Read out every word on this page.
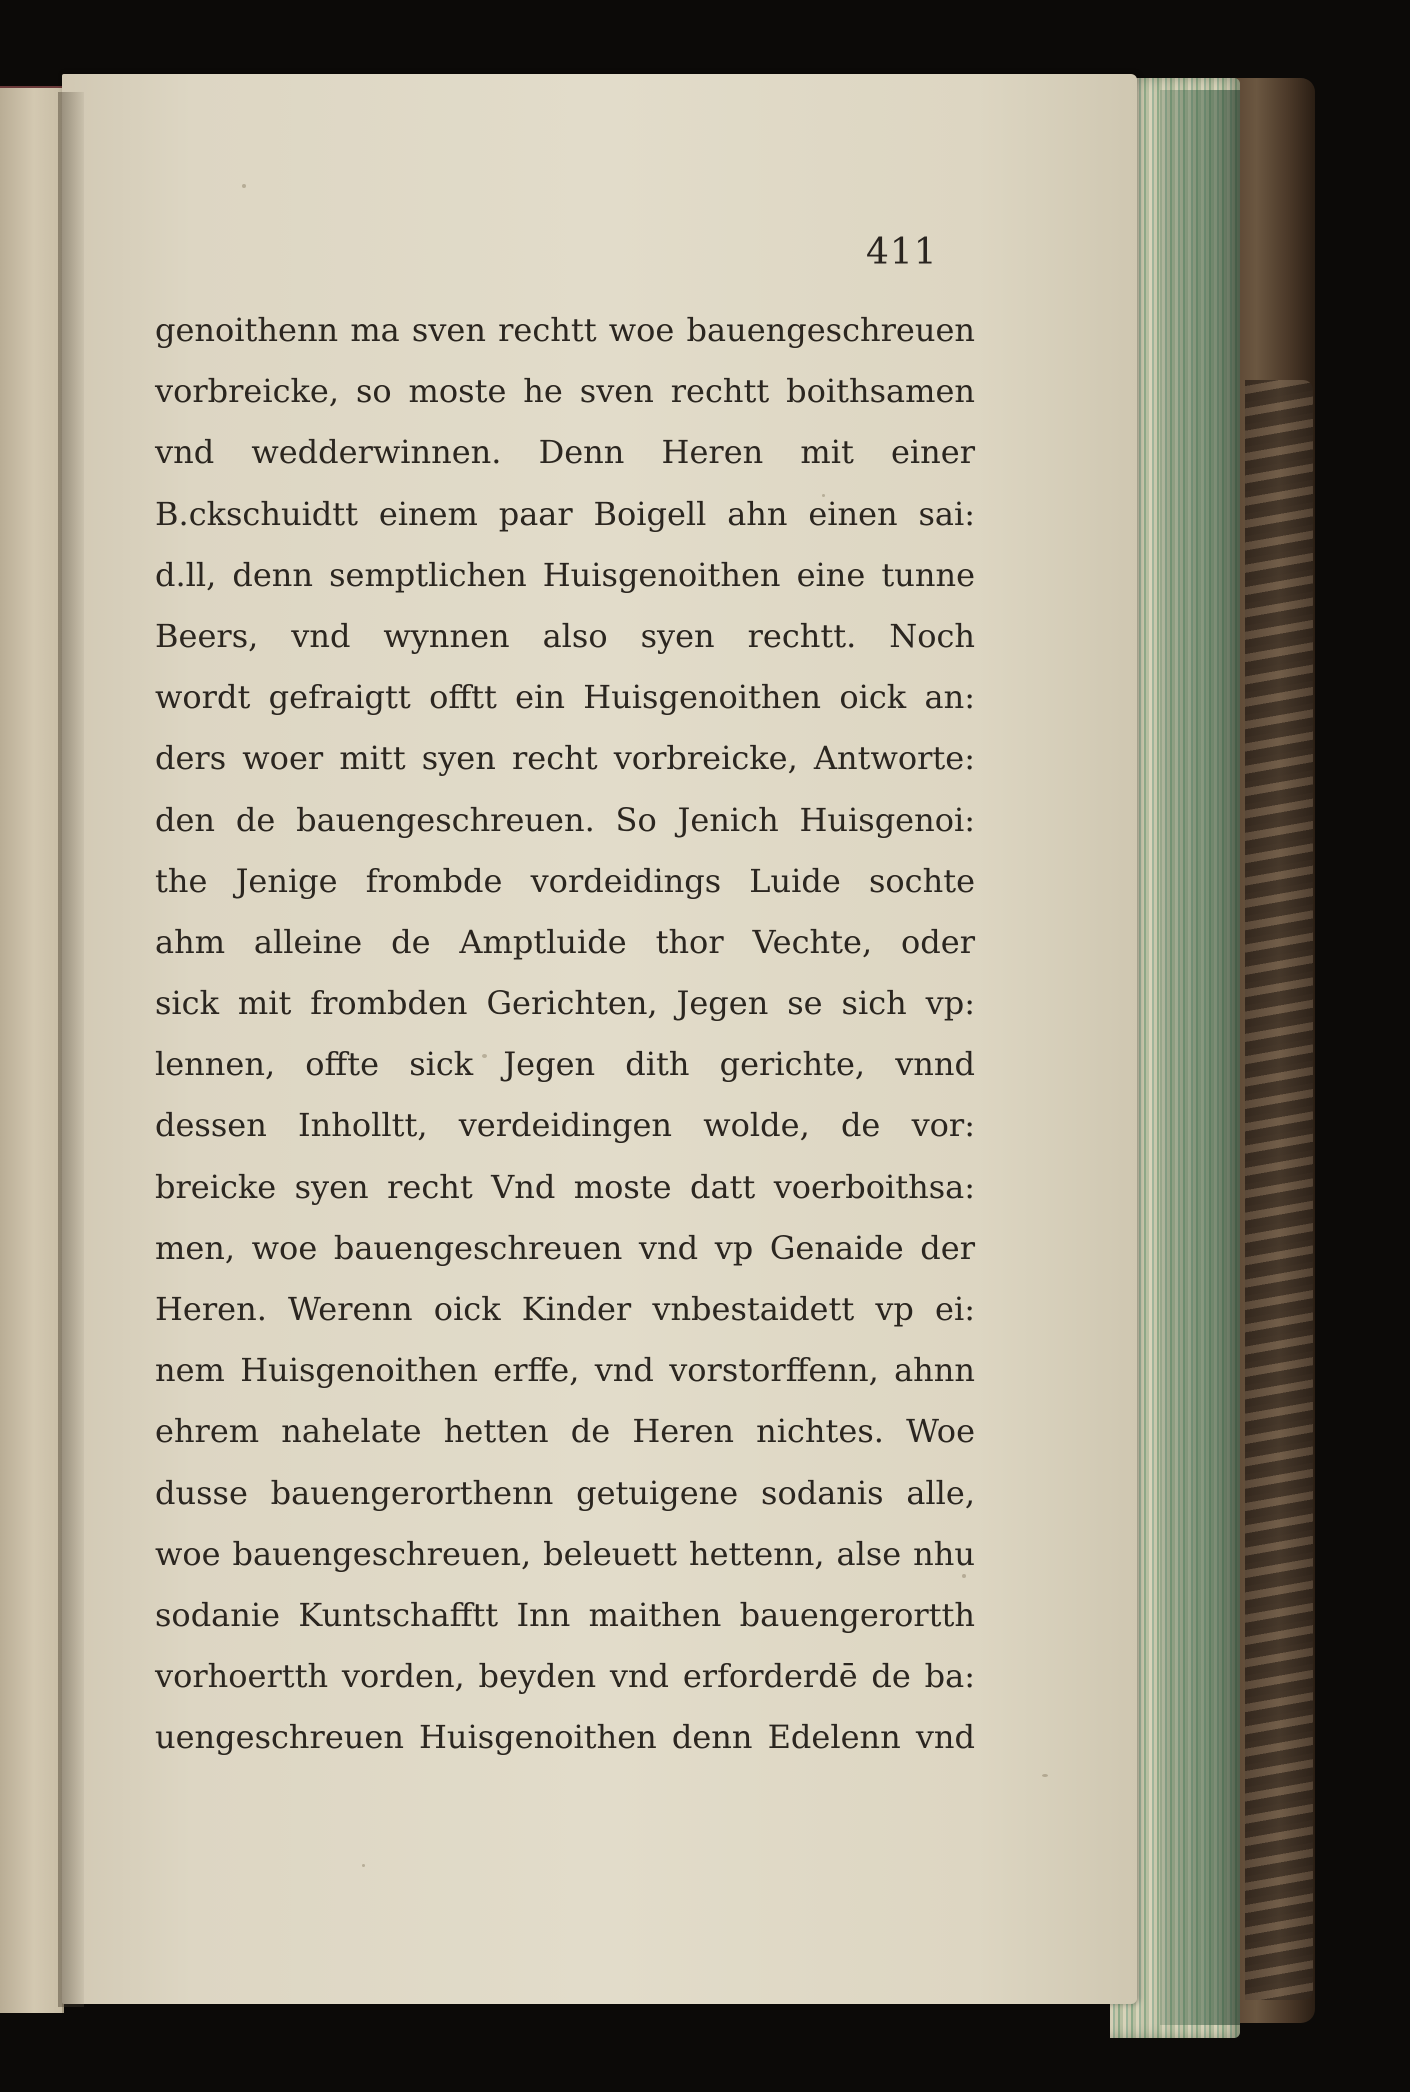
411
genoithenn ma sven rechtt woe bauengeschreuen
vorbreicke, so moste he sven rechtt boithsamen
vnd wedderwinnen. Denn Heren mit einer
B.ckschuidtt einem paar Boigell ahn einen sai:
d.ll, denn semptlichen Huisgenoithen eine tunne
Beers, vnd wynnen also syen rechtt. Noch
wordt gefraigtt offtt ein Huisgenoithen oick an:
ders woer mitt syen recht vorbreicke, Antworte:
den de bauengeschreuen. So Jenich Huisgenoi:
the Jenige frombde vordeidings Luide sochte
ahm alleine de Amptluide thor Vechte, oder
sick mit frombden Gerichten, Jegen se sich vp:
lennen, offte sick Jegen dith gerichte, vnnd
dessen Inholltt, verdeidingen wolde, de vor:
breicke syen recht Vnd moste datt voerboithsa:
men, woe bauengeschreuen vnd vp Genaide der
Heren. Werenn oick Kinder vnbestaidett vp ei:
nem Huisgenoithen erffe, vnd vorstorffenn, ahnn
ehrem nahelate hetten de Heren nichtes. Woe
dusse bauengerorthenn getuigene sodanis alle,
woe bauengeschreuen, beleuett hettenn, alse nhu
sodanie Kuntschafftt Inn maithen bauengerortth
vorhoertth vorden, beyden vnd erforderdē de ba:
uengeschreuen Huisgenoithen denn Edelenn vnd
